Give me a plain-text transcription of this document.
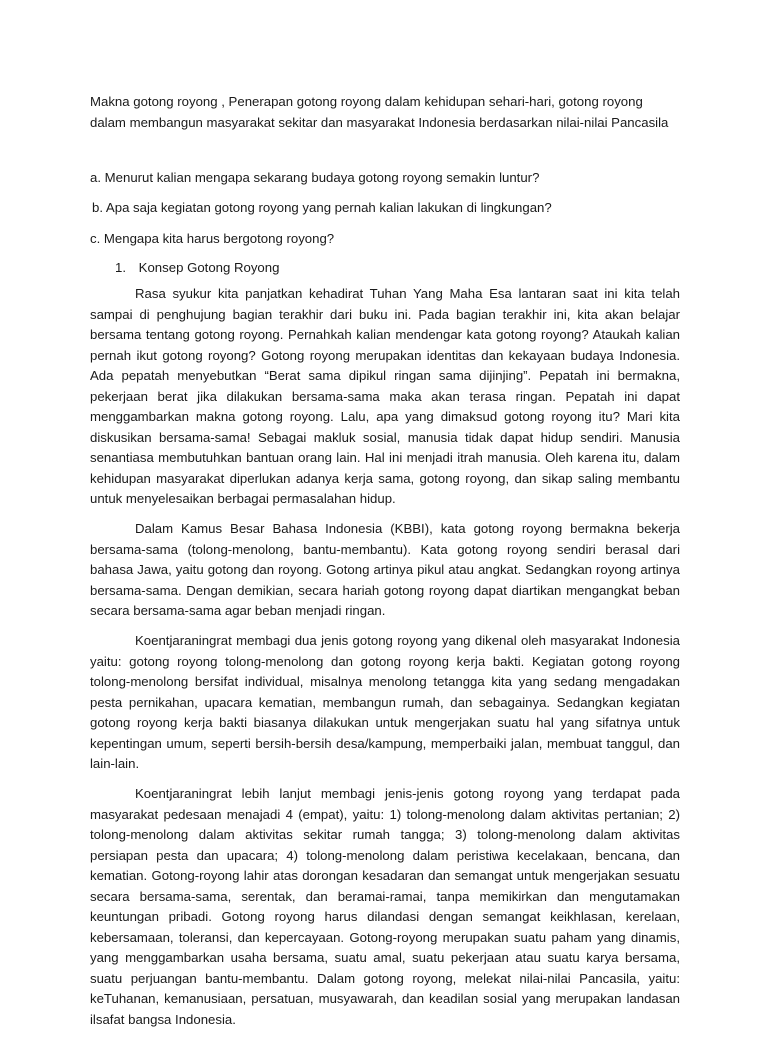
Makna gotong royong , Penerapan gotong royong dalam kehidupan sehari-hari, gotong royong dalam membangun masyarakat sekitar dan masyarakat Indonesia berdasarkan nilai-nilai Pancasila

a. Menurut kalian mengapa sekarang budaya gotong royong semakin luntur?

b. Apa saja kegiatan gotong royong yang pernah kalian lakukan di lingkungan?

c. Mengapa kita harus bergotong royong?

1. Konsep Gotong Royong

Rasa syukur kita panjatkan kehadirat Tuhan Yang Maha Esa lantaran saat ini kita telah sampai di penghujung bagian terakhir dari buku ini. Pada bagian terakhir ini, kita akan belajar bersama tentang gotong royong. Pernahkah kalian mendengar kata gotong royong? Ataukah kalian pernah ikut gotong royong? Gotong royong merupakan identitas dan kekayaan budaya Indonesia. Ada pepatah menyebutkan “Berat sama dipikul ringan sama dijinjing”. Pepatah ini bermakna, pekerjaan berat jika dilakukan bersama-sama maka akan terasa ringan. Pepatah ini dapat menggambarkan makna gotong royong. Lalu, apa yang dimaksud gotong royong itu? Mari kita diskusikan bersama-sama! Sebagai makluk sosial, manusia tidak dapat hidup sendiri. Manusia senantiasa membutuhkan bantuan orang lain. Hal ini menjadi itrah manusia. Oleh karena itu, dalam kehidupan masyarakat diperlukan adanya kerja sama, gotong royong, dan sikap saling membantu untuk menyelesaikan berbagai permasalahan hidup.

Dalam Kamus Besar Bahasa Indonesia (KBBI), kata gotong royong bermakna bekerja bersama-sama (tolong-menolong, bantu-membantu). Kata gotong royong sendiri berasal dari bahasa Jawa, yaitu gotong dan royong. Gotong artinya pikul atau angkat. Sedangkan royong artinya bersama-sama. Dengan demikian, secara hariah gotong royong dapat diartikan mengangkat beban secara bersama-sama agar beban menjadi ringan.

Koentjaraningrat membagi dua jenis gotong royong yang dikenal oleh masyarakat Indonesia yaitu: gotong royong tolong-menolong dan gotong royong kerja bakti. Kegiatan gotong royong tolong-menolong bersifat individual, misalnya menolong tetangga kita yang sedang mengadakan pesta pernikahan, upacara kematian, membangun rumah, dan sebagainya. Sedangkan kegiatan gotong royong kerja bakti biasanya dilakukan untuk mengerjakan suatu hal yang sifatnya untuk kepentingan umum, seperti bersih-bersih desa/kampung, memperbaiki jalan, membuat tanggul, dan lain-lain.

Koentjaraningrat lebih lanjut membagi jenis-jenis gotong royong yang terdapat pada masyarakat pedesaan menajadi 4 (empat), yaitu: 1) tolong-menolong dalam aktivitas pertanian; 2) tolong-menolong dalam aktivitas sekitar rumah tangga; 3) tolong-menolong dalam aktivitas persiapan pesta dan upacara; 4) tolong-menolong dalam peristiwa kecelakaan, bencana, dan kematian. Gotong-royong lahir atas dorongan kesadaran dan semangat untuk mengerjakan sesuatu secara bersama-sama, serentak, dan beramai-ramai, tanpa memikirkan dan mengutamakan keuntungan pribadi. Gotong royong harus dilandasi dengan semangat keikhlasan, kerelaan, kebersamaan, toleransi, dan kepercayaan. Gotong-royong merupakan suatu paham yang dinamis, yang menggambarkan usaha bersama, suatu amal, suatu pekerjaan atau suatu karya bersama, suatu perjuangan bantu-membantu. Dalam gotong royong, melekat nilai-nilai Pancasila, yaitu: keTuhanan, kemanusiaan, persatuan, musyawarah, dan keadilan sosial yang merupakan landasan ilsafat bangsa Indonesia.
